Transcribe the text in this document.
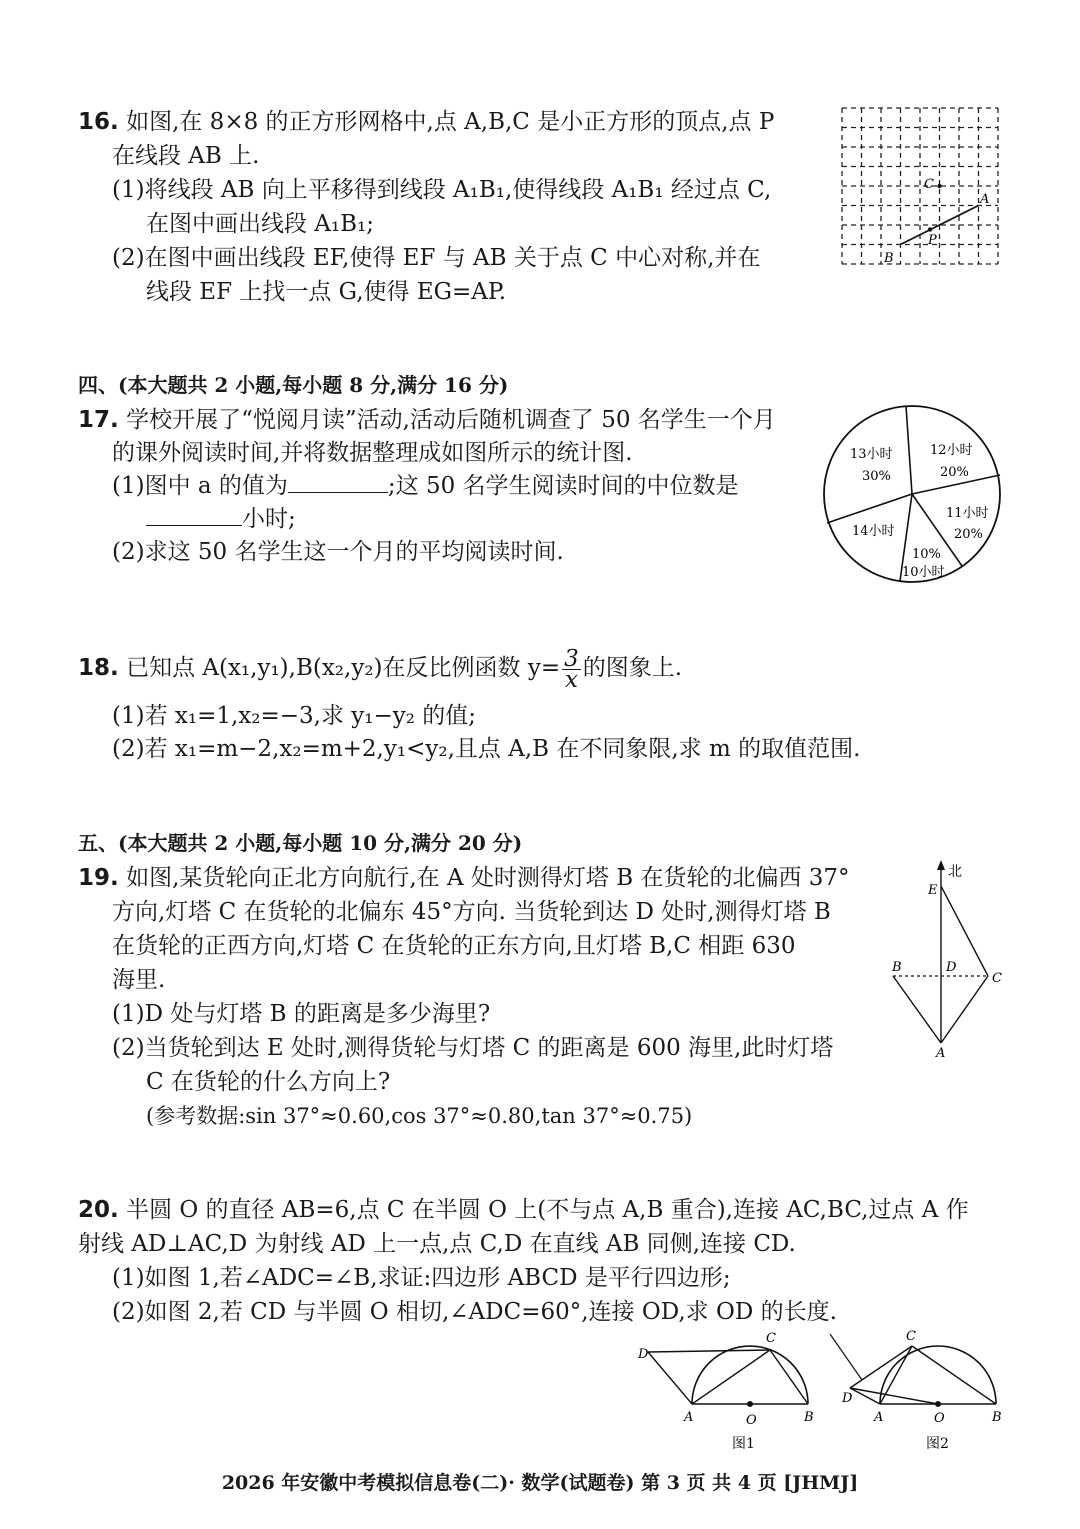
16. 如图,在 8×8 的正方形网格中,点 A,B,C 是小正方形的顶点,点 P
在线段 AB 上.
(1)将线段 AB 向上平移得到线段 A₁B₁,使得线段 A₁B₁ 经过点 C,
在图中画出线段 A₁B₁;
(2)在图中画出线段 EF,使得 EF 与 AB 关于点 C 中心对称,并在
线段 EF 上找一点 G,使得 EG=AP.
C
A
B
P
四、(本大题共 2 小题,每小题 8 分,满分 16 分)
17. 学校开展了“悦阅月读”活动,活动后随机调查了 50 名学生一个月
的课外阅读时间,并将数据整理成如图所示的统计图.
(1)图中 a 的值为	;这 50 名学生阅读时间的中位数是
小时;
(2)求这 50 名学生这一个月的平均阅读时间.
13小时
30%
12小时
20%
11小时
20%
14小时
10%
10小时
18. 已知点 A(x₁,y₁),B(x₂,y₂)在反比例函数 $y= \frac{3}{x}$ 的图象上.
(1)若 x₁=1,x₂=−3,求 y₁−y₂ 的值;
(2)若 x₁=m−2,x₂=m+2,y₁<y₂,且点 A,B 在不同象限,求 m 的取值范围.
五、(本大题共 2 小题,每小题 10 分,满分 20 分)
19. 如图,某货轮向正北方向航行,在 A 处时测得灯塔 B 在货轮的北偏西 37°
方向,灯塔 C 在货轮的北偏东 45°方向. 当货轮到达 D 处时,测得灯塔 B
在货轮的正西方向,灯塔 C 在货轮的正东方向,且灯塔 B,C 相距 630
海里.
(1)D 处与灯塔 B 的距离是多少海里?
(2)当货轮到达 E 处时,测得货轮与灯塔 C 的距离是 600 海里,此时灯塔
C 在货轮的什么方向上?
(参考数据:sin 37°≈0.60,cos 37°≈0.80,tan 37°≈0.75)
北
E
B	D
C
A
20. 半圆 O 的直径 AB=6,点 C 在半圆 O 上(不与点 A,B 重合),连接 AC,BC,过点 A 作
射线 AD⊥AC,D 为射线 AD 上一点,点 C,D 在直线 AB 同侧,连接 CD.
(1)如图 1,若∠ADC=∠B,求证:四边形 ABCD 是平行四边形;
(2)如图 2,若 CD 与半圆 O 相切,∠ADC=60°,连接 OD,求 OD 的长度.
D
C
A	O	B
图1
C
D
A	O	B
图2
2026 年安徽中考模拟信息卷(二)· 数学(试题卷) 第 3 页 共 4 页 [JHMJ]
